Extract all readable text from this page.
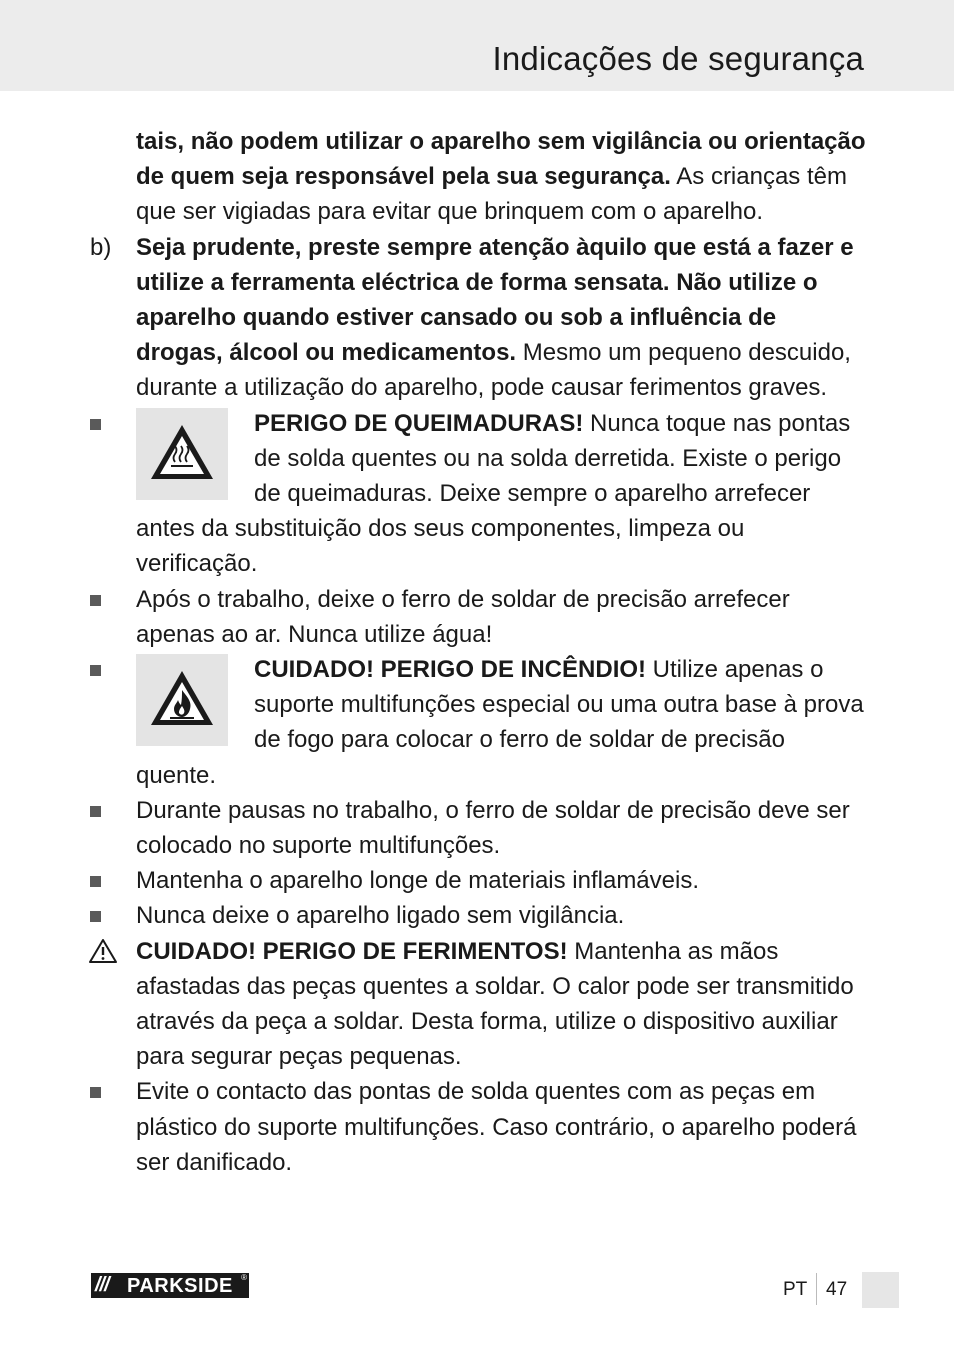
Indicações de segurança
tais, não podem utilizar o aparelho sem vigilância ou orientação de quem seja responsável pela sua segurança. As crianças têm que ser vigiadas para evitar que brinquem com o aparelho.
b) Seja prudente, preste sempre atenção àquilo que está a fazer e utilize a ferramenta eléctrica de forma sensata. Não utilize o aparelho quando estiver cansado ou sob a influência de drogas, álcool ou medicamentos. Mesmo um pequeno descuido, durante a utilização do aparelho, pode causar ferimentos graves.
PERIGO DE QUEIMADURAS! Nunca toque nas pontas de solda quentes ou na solda derretida. Existe o perigo de queimaduras. Deixe sempre o aparelho arrefecer antes da substituição dos seus componentes, limpeza ou verificação.
Após o trabalho, deixe o ferro de soldar de precisão arrefecer apenas ao ar. Nunca utilize água!
CUIDADO! PERIGO DE INCÊNDIO! Utilize apenas o suporte multifunções especial ou uma outra base à prova de fogo para colocar o ferro de soldar de precisão quente.
Durante pausas no trabalho, o ferro de soldar de precisão deve ser colocado no suporte multifunções.
Mantenha o aparelho longe de materiais inflamáveis.
Nunca deixe o aparelho ligado sem vigilância.
CUIDADO! PERIGO DE FERIMENTOS! Mantenha as mãos afastadas das peças quentes a soldar. O calor pode ser transmitido através da peça a soldar. Desta forma, utilize o dispositivo auxiliar para segurar peças pequenas.
Evite o contacto das pontas de solda quentes com as peças em plástico do suporte multifunções. Caso contrário, o aparelho poderá ser danificado.
/// PARKSIDE ®
PT 47
